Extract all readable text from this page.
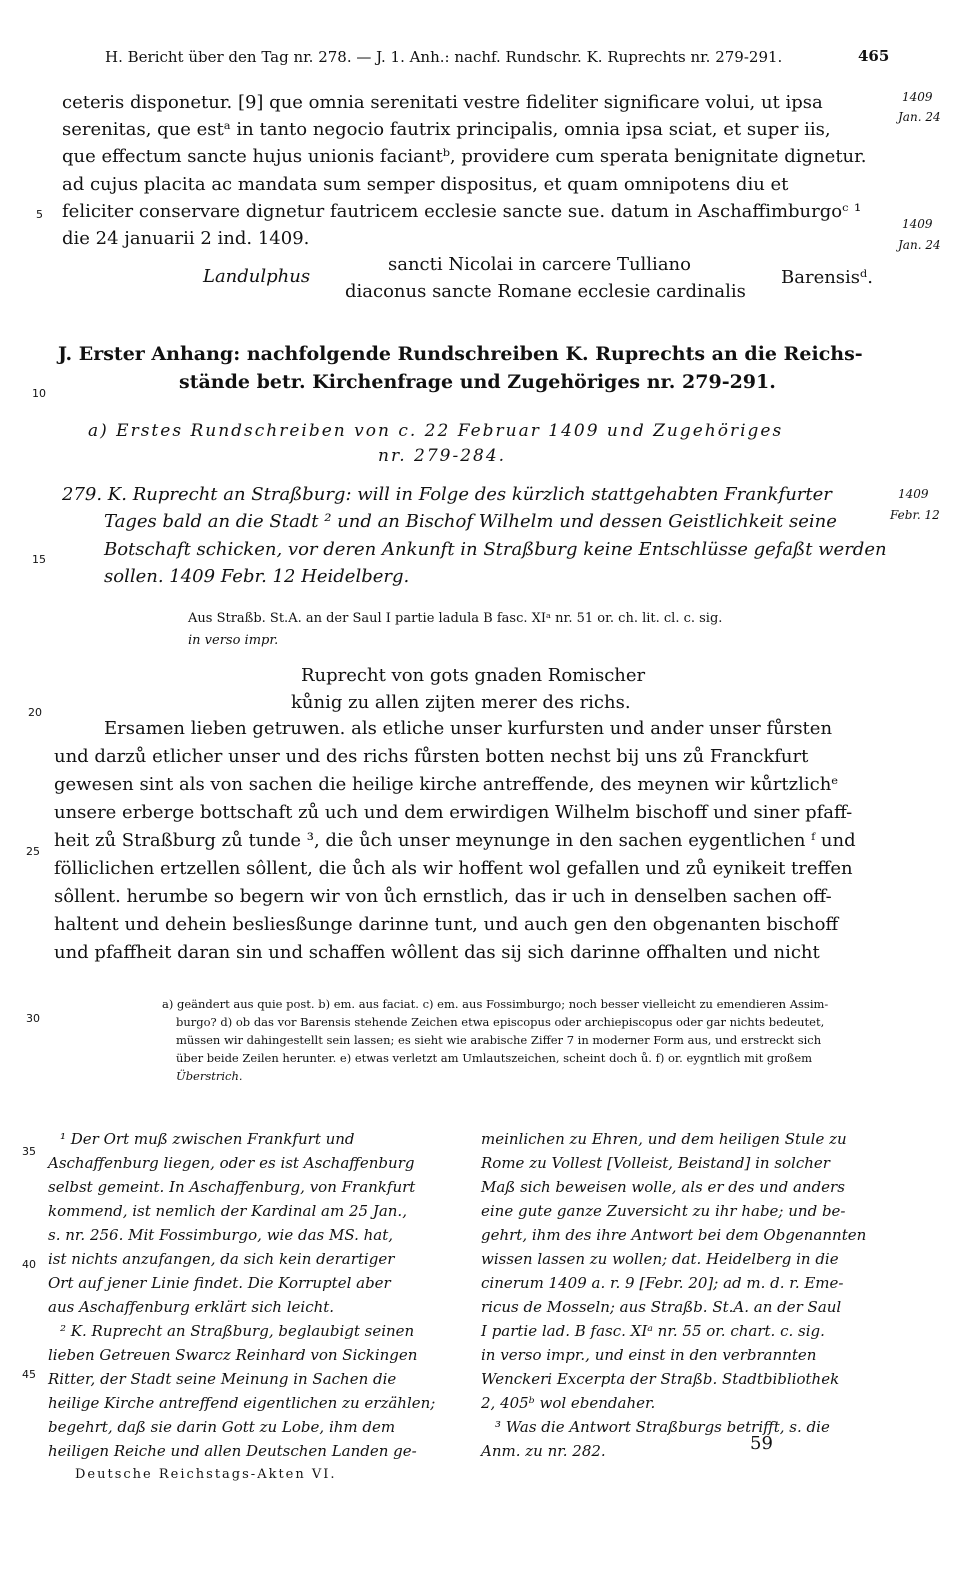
H. Bericht über den Tag nr. 278. — J. 1. Anh.: nachf. Rundschr. K. Ruprechts nr. 279-291.	465
1409
Jan. 24
1409
Jan. 24
1409
Febr. 12
5
10
15
20
25
30
35
40
45
ceteris disponetur. [9] que omnia serenitati vestre fideliter significare volui, ut ipsa
serenitas, que estᵃ in tanto negocio fautrix principalis, omnia ipsa sciat, et super iis,
que effectum sancte hujus unionis faciantᵇ, providere cum sperata benignitate dignetur.
ad cujus placita ac mandata sum semper dispositus, et quam omnipotens diu et
feliciter conservare dignetur fautricem ecclesie sancte sue. datum in Aschaffimburgoᶜ ¹
die 24 januarii 2 ind. 1409.
Landulphus
sancti Nicolai in carcere Tulliano
diaconus sancte Romane ecclesie cardinalis
Barensisᵈ.
J. Erster Anhang: nachfolgende Rundschreiben K. Ruprechts an die Reichs-
stände betr. Kirchenfrage und Zugehöriges nr. 279-291.
a) Erstes Rundschreiben von c. 22 Februar 1409 und Zugehöriges
nr. 279-284.
279. K. Ruprecht an Straßburg: will in Folge des kürzlich stattgehabten Frankfurter
Tages bald an die Stadt ² und an Bischof Wilhelm und dessen Geistlichkeit seine
Botschaft schicken, vor deren Ankunft in Straßburg keine Entschlüsse gefaßt werden
sollen. 1409 Febr. 12 Heidelberg.
Aus Straßb. St.A. an der Saul I partie ladula B fasc. XIᵃ nr. 51 or. ch. lit. cl. c. sig.
in verso impr.
Ruprecht von gots gnaden Romischer
kůnig zu allen zijten merer des richs.
Ersamen lieben getruwen. als etliche unser kurfursten und ander unser fůrsten
und darzů etlicher unser und des richs fůrsten botten nechst bij uns zů Franckfurt
gewesen sint als von sachen die heilige kirche antreffende, des meynen wir kůrtzlichᵉ
unsere erberge bottschaft zů uch und dem erwirdigen Wilhelm bischoff und siner pfaff-
heit zů Straßburg zů tunde ³, die ůch unser meynunge in den sachen eygentlichen ᶠ und
fölliclichen ertzellen sôllent, die ůch als wir hoffent wol gefallen und zů eynikeit treffen
sôllent. herumbe so begern wir von ůch ernstlich, das ir uch in denselben sachen off-
haltent und dehein besliesßunge darinne tunt, und auch gen den obgenanten bischoff
und pfaffheit daran sin und schaffen wôllent das sij sich darinne offhalten und nicht
a) geändert aus quie post. b) em. aus faciat. c) em. aus Fossimburgo; noch besser vielleicht zu emendieren Assim-
burgo? d) ob das vor Barensis stehende Zeichen etwa episcopus oder archiepiscopus oder gar nichts bedeutet,
müssen wir dahingestellt sein lassen; es sieht wie arabische Ziffer 7 in moderner Form aus, und erstreckt sich
über beide Zeilen herunter. e) etwas verletzt am Umlautszeichen, scheint doch ů. f) or. eygntlich mit großem
Überstrich.
¹ Der Ort muß zwischen Frankfurt und
Aschaffenburg liegen, oder es ist Aschaffenburg
selbst gemeint. In Aschaffenburg, von Frankfurt
kommend, ist nemlich der Kardinal am 25 Jan.,
s. nr. 256. Mit Fossimburgo, wie das MS. hat,
ist nichts anzufangen, da sich kein derartiger
Ort auf jener Linie findet. Die Korruptel aber
aus Aschaffenburg erklärt sich leicht.
² K. Ruprecht an Straßburg, beglaubigt seinen
lieben Getreuen Swarcz Reinhard von Sickingen
Ritter, der Stadt seine Meinung in Sachen die
heilige Kirche antreffend eigentlichen zu erzählen;
begehrt, daß sie darin Gott zu Lobe, ihm dem
heiligen Reiche und allen Deutschen Landen ge-
meinlichen zu Ehren, und dem heiligen Stule zu
Rome zu Vollest [Volleist, Beistand] in solcher
Maß sich beweisen wolle, als er des und anders
eine gute ganze Zuversicht zu ihr habe; und be-
gehrt, ihm des ihre Antwort bei dem Obgenannten
wissen lassen zu wollen; dat. Heidelberg in die
cinerum 1409 a. r. 9 [Febr. 20]; ad m. d. r. Eme-
ricus de Mosseln; aus Straßb. St.A. an der Saul
I partie lad. B fasc. XIᵃ nr. 55 or. chart. c. sig.
in verso impr., und einst in den verbrannten
Wenckeri Excerpta der Straßb. Stadtbibliothek
2, 405ᵇ wol ebendaher.
³ Was die Antwort Straßburgs betrifft, s. die
Anm. zu nr. 282.
Deutsche Reichstags-Akten VI.
59
